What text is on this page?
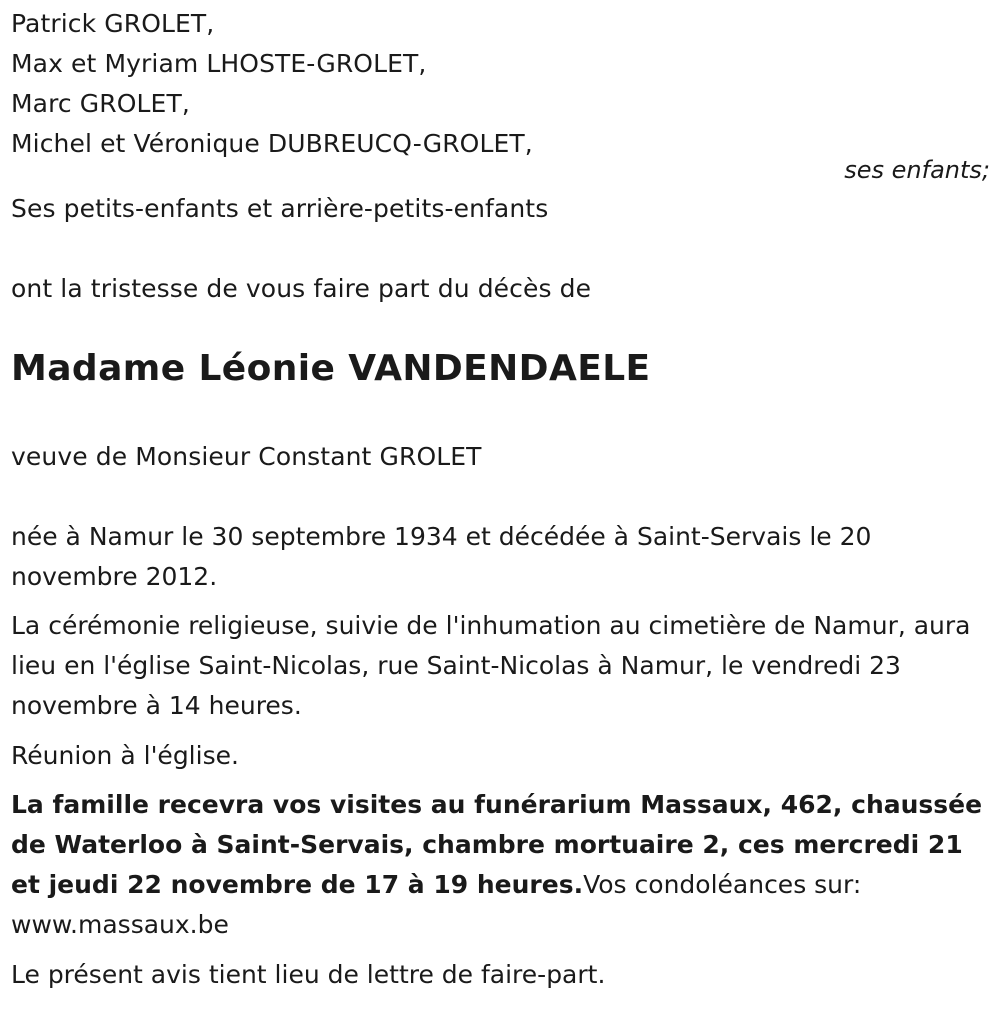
Patrick GROLET,

Max et Myriam LHOSTE-GROLET,

Marc GROLET,

Michel et Véronique DUBREUCQ-GROLET,

Ses petits-enfants et arrière-petits-enfants

ont la tristesse de vous faire part du décès de

Madame Léonie VANDENDAELE

veuve de Monsieur Constant GROLET

née à Namur le 30 septembre 1934 et décédée à Saint-Servais le 20 novembre 2012.

La cérémonie religieuse, suivie de l'inhumation au cimetière de Namur, aura lieu en l'église Saint-Nicolas, rue Saint-Nicolas à Namur, le vendredi 23 novembre à 14 heures.

Réunion à l'église.

La famille recevra vos visites au funérarium Massaux, 462, chaussée de Waterloo à Saint-Servais, chambre mortuaire 2, ces mercredi 21 et jeudi 22 novembre de 17 à 19 heures.Vos condoléances sur: www.massaux.be

Le présent avis tient lieu de lettre de faire-part.

ses enfants;
